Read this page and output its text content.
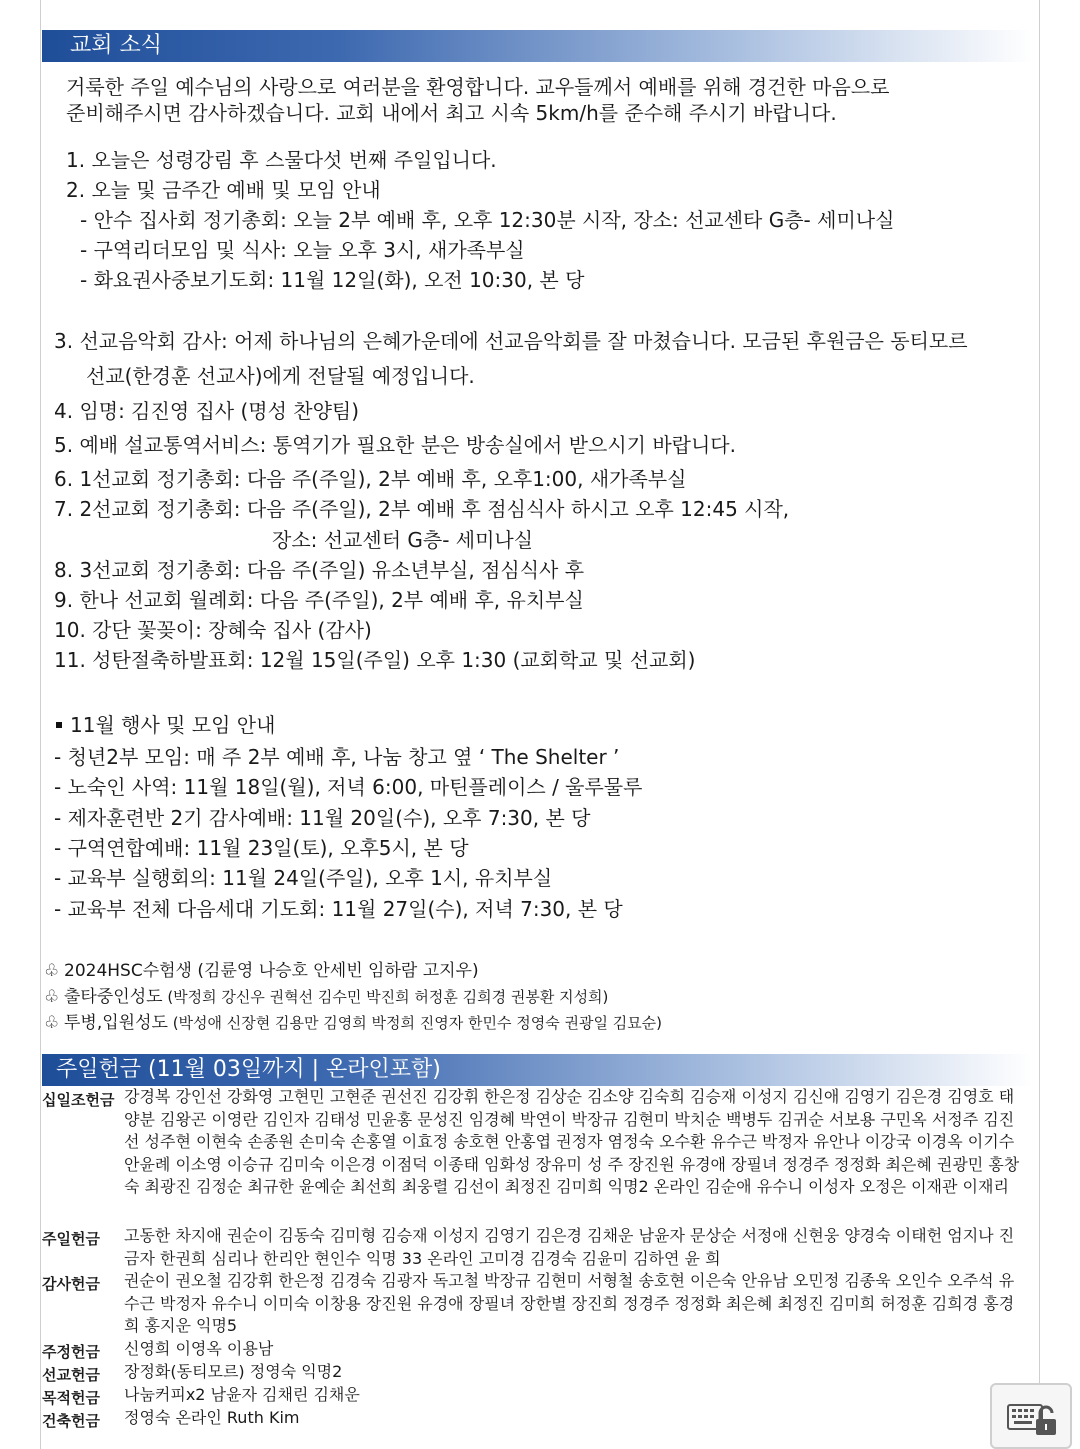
교회 소식
거룩한 주일 예수님의 사랑으로 여러분을 환영합니다. 교우들께서 예배를 위해 경건한 마음으로
준비해주시면 감사하겠습니다. 교회 내에서 최고 시속 5km/h를 준수해 주시기 바랍니다.
1. 오늘은 성령강림 후 스물다섯 번째 주일입니다.
2. 오늘 및 금주간 예배 및 모임 안내
- 안수 집사회 정기총회: 오늘 2부 예배 후, 오후 12:30분 시작, 장소: 선교센타 G층- 세미나실
- 구역리더모임 및 식사: 오늘 오후 3시, 새가족부실
- 화요권사중보기도회: 11월 12일(화), 오전 10:30, 본 당
3. 선교음악회 감사: 어제 하나님의 은혜가운데에 선교음악회를 잘 마쳤습니다. 모금된 후원금은 동티모르
선교(한경훈 선교사)에게 전달될 예정입니다.
4. 임명: 김진영 집사 (명성 찬양팀)
5. 예배 설교통역서비스: 통역기가 필요한 분은 방송실에서 받으시기 바랍니다.
6. 1선교회 정기총회: 다음 주(주일), 2부 예배 후, 오후1:00, 새가족부실
7. 2선교회 정기총회: 다음 주(주일), 2부 예배 후 점심식사 하시고 오후 12:45 시작,
장소: 선교센터 G층- 세미나실
8. 3선교회 정기총회: 다음 주(주일) 유소년부실, 점심식사 후
9. 한나 선교회 월례회: 다음 주(주일), 2부 예배 후, 유치부실
10. 강단 꽃꽂이: 장혜숙 집사 (감사)
11. 성탄절축하발표회: 12월 15일(주일) 오후 1:30 (교회학교 및 선교회)
11월 행사 및 모임 안내
- 청년2부 모임: 매 주 2부 예배 후, 나눔 창고 옆 ‘ The Shelter ’
- 노숙인 사역: 11월 18일(월), 저녁 6:00, 마틴플레이스 / 울루물루
- 제자훈련반 2기 감사예배: 11월 20일(수), 오후 7:30, 본 당
- 구역연합예배: 11월 23일(토), 오후5시, 본 당
- 교육부 실행회의: 11월 24일(주일), 오후 1시, 유치부실
- 교육부 전체 다음세대 기도회: 11월 27일(수), 저녁 7:30, 본 당
♧ 2024HSC수험생 (김륜영 나승호 안세빈 임하람 고지우)
♧ 출타중인성도 (박정희 강신우 권혁선 김수민 박진희 허정훈 김희경 권봉환 지성희)
♧ 투병,입원성도 (박성애 신장현 김용만 김영희 박정희 진영자 한민수 정영숙 권광일 김묘순)
주일헌금 (11월 03일까지 | 온라인포함)
십일조헌금 강경복 강인선 강화영 고현민 고현준 권선진 김강휘 한은정 김상순 김소양 김숙희 김승재 이성지 김신애 김영기 김은경 김영호 태양분 김왕곤 이영란 김인자 김태성 민윤홍 문성진 임경혜 박연이 박장규 김현미 박치순 백병두 김귀순 서보용 구민옥 서정주 김진선 성주현 이현숙 손종원 손미숙 손홍열 이효정 송호현 안홍엽 권정자 염정숙 오수환 유수근 박정자 유안나 이강국 이경옥 이기수 안윤례 이소영 이승규 김미숙 이은경 이점덕 이종태 임화성 장유미 성 주 장진원 유경애 장필녀 정경주 정정화 최은혜 권광민 홍창숙 최광진 김정순 최규한 윤예순 최선희 최웅렬 김선이 최정진 김미희 익명2 온라인 김순애 유수니 이성자 오정은 이재관 이재리
주일헌금 고동한 차지애 권순이 김동숙 김미형 김승재 이성지 김영기 김은경 김채운 남윤자 문상순 서정애 신현웅 양경숙 이태헌 엄지나 진금자 한권희 심리나 한리안 현인수 익명 33 온라인 고미경 김경숙 김윤미 김하연 윤 희
감사헌금 권순이 권오철 김강휘 한은정 김경숙 김광자 독고철 박장규 김현미 서형철 송호현 이은숙 안유남 오민정 김종욱 오인수 오주석 유수근 박정자 유수니 이미숙 이창용 장진원 유경애 장필녀 장한별 장진희 정경주 정정화 최은혜 최정진 김미희 허정훈 김희경 홍경희 홍지운 익명5
주정헌금 신영희 이영옥 이용남
선교헌금 장정화(동티모르) 정영숙 익명2
목적헌금 나눔커피x2 남윤자 김채린 김채운
건축헌금 정영숙 온라인 Ruth Kim
